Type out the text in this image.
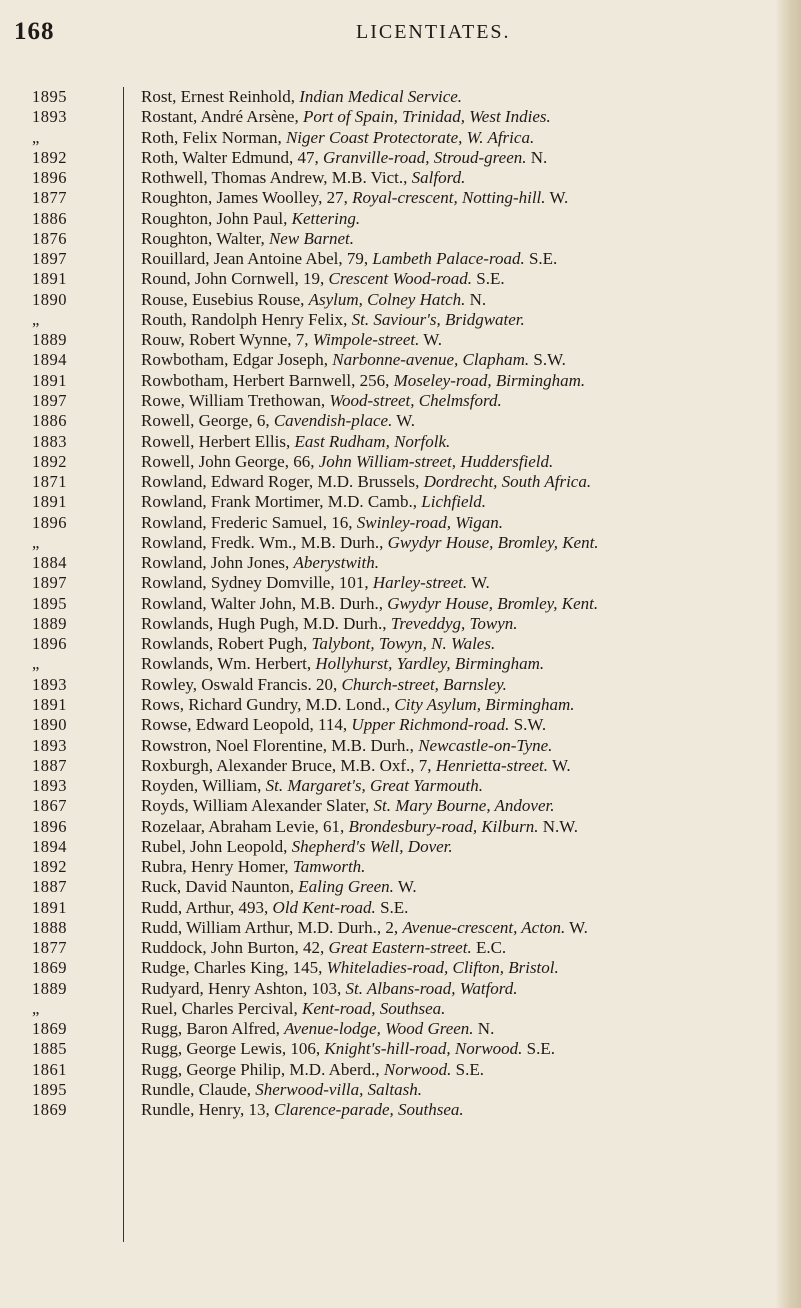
168	LICENTIATES.
1895	Rost, Ernest Reinhold, Indian Medical Service.
1893	Rostant, André Arsène, Port of Spain, Trinidad, West Indies.
„	Roth, Felix Norman, Niger Coast Protectorate, W. Africa.
1892	Roth, Walter Edmund, 47, Granville-road, Stroud-green. N.
1896	Rothwell, Thomas Andrew, M.B. Vict., Salford.
1877	Roughton, James Woolley, 27, Royal-crescent, Notting-hill. W.
1886	Roughton, John Paul, Kettering.
1876	Roughton, Walter, New Barnet.
1897	Rouillard, Jean Antoine Abel, 79, Lambeth Palace-road. S.E.
1891	Round, John Cornwell, 19, Crescent Wood-road. S.E.
1890	Rouse, Eusebius Rouse, Asylum, Colney Hatch. N.
„	Routh, Randolph Henry Felix, St. Saviour's, Bridgwater.
1889	Rouw, Robert Wynne, 7, Wimpole-street. W.
1894	Rowbotham, Edgar Joseph, Narbonne-avenue, Clapham. S.W.
1891	Rowbotham, Herbert Barnwell, 256, Moseley-road, Birmingham.
1897	Rowe, William Trethowan, Wood-street, Chelmsford.
1886	Rowell, George, 6, Cavendish-place. W.
1883	Rowell, Herbert Ellis, East Rudham, Norfolk.
1892	Rowell, John George, 66, John William-street, Huddersfield.
1871	Rowland, Edward Roger, M.D. Brussels, Dordrecht, South Africa.
1891	Rowland, Frank Mortimer, M.D. Camb., Lichfield.
1896	Rowland, Frederic Samuel, 16, Swinley-road, Wigan.
„	Rowland, Fredk. Wm., M.B. Durh., Gwydyr House, Bromley, Kent.
1884	Rowland, John Jones, Aberystwith.
1897	Rowland, Sydney Domville, 101, Harley-street. W.
1895	Rowland, Walter John, M.B. Durh., Gwydyr House, Bromley, Kent.
1889	Rowlands, Hugh Pugh, M.D. Durh., Treveddyg, Towyn.
1896	Rowlands, Robert Pugh, Talybont, Towyn, N. Wales.
„	Rowlands, Wm. Herbert, Hollyhurst, Yardley, Birmingham.
1893	Rowley, Oswald Francis. 20, Church-street, Barnsley.
1891	Rows, Richard Gundry, M.D. Lond., City Asylum, Birmingham.
1890	Rowse, Edward Leopold, 114, Upper Richmond-road. S.W.
1893	Rowstron, Noel Florentine, M.B. Durh., Newcastle-on-Tyne.
1887	Roxburgh, Alexander Bruce, M.B. Oxf., 7, Henrietta-street. W.
1893	Royden, William, St. Margaret's, Great Yarmouth.
1867	Royds, William Alexander Slater, St. Mary Bourne, Andover.
1896	Rozelaar, Abraham Levie, 61, Brondesbury-road, Kilburn. N.W.
1894	Rubel, John Leopold, Shepherd's Well, Dover.
1892	Rubra, Henry Homer, Tamworth.
1887	Ruck, David Naunton, Ealing Green. W.
1891	Rudd, Arthur, 493, Old Kent-road. S.E.
1888	Rudd, William Arthur, M.D. Durh., 2, Avenue-crescent, Acton. W.
1877	Ruddock, John Burton, 42, Great Eastern-street. E.C.
1869	Rudge, Charles King, 145, Whiteladies-road, Clifton, Bristol.
1889	Rudyard, Henry Ashton, 103, St. Albans-road, Watford.
„	Ruel, Charles Percival, Kent-road, Southsea.
1869	Rugg, Baron Alfred, Avenue-lodge, Wood Green. N.
1885	Rugg, George Lewis, 106, Knight's-hill-road, Norwood. S.E.
1861	Rugg, George Philip, M.D. Aberd., Norwood. S.E.
1895	Rundle, Claude, Sherwood-villa, Saltash.
1869	Rundle, Henry, 13, Clarence-parade, Southsea.
